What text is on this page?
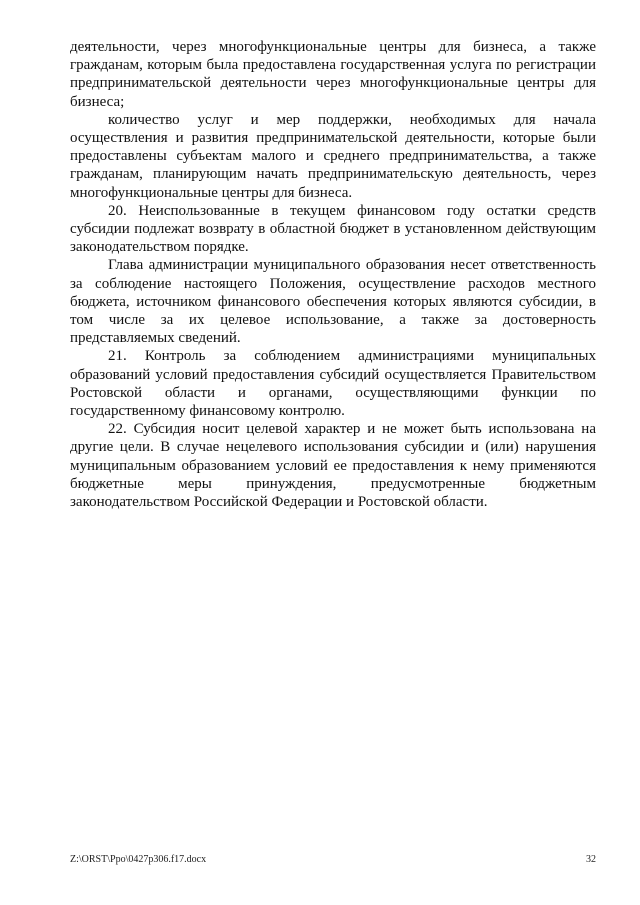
деятельности, через многофункциональные центры для бизнеса, а также гражданам, которым была предоставлена государственная услуга по регистрации предпринимательской деятельности через многофункциональные центры для бизнеса;

количество услуг и мер поддержки, необходимых для начала осуществления и развития предпринимательской деятельности, которые были предоставлены субъектам малого и среднего предпринимательства, а также гражданам, планирующим начать предпринимательскую деятельность, через многофункциональные центры для бизнеса.

20. Неиспользованные в текущем финансовом году остатки средств субсидии подлежат возврату в областной бюджет в установленном действующим законодательством порядке.

Глава администрации муниципального образования несет ответственность за соблюдение настоящего Положения, осуществление расходов местного бюджета, источником финансового обеспечения которых являются субсидии, в том числе за их целевое использование, а также за достоверность представляемых сведений.

21. Контроль за соблюдением администрациями муниципальных образований условий предоставления субсидий осуществляется Правительством Ростовской области и органами, осуществляющими функции по государственному финансовому контролю.

22. Субсидия носит целевой характер и не может быть использована на другие цели. В случае нецелевого использования субсидии и (или) нарушения муниципальным образованием условий ее предоставления к нему применяются бюджетные меры принуждения, предусмотренные бюджетным законодательством Российской Федерации и Ростовской области.

Z:\ORST\Ppo\0427p306.f17.docx	32
